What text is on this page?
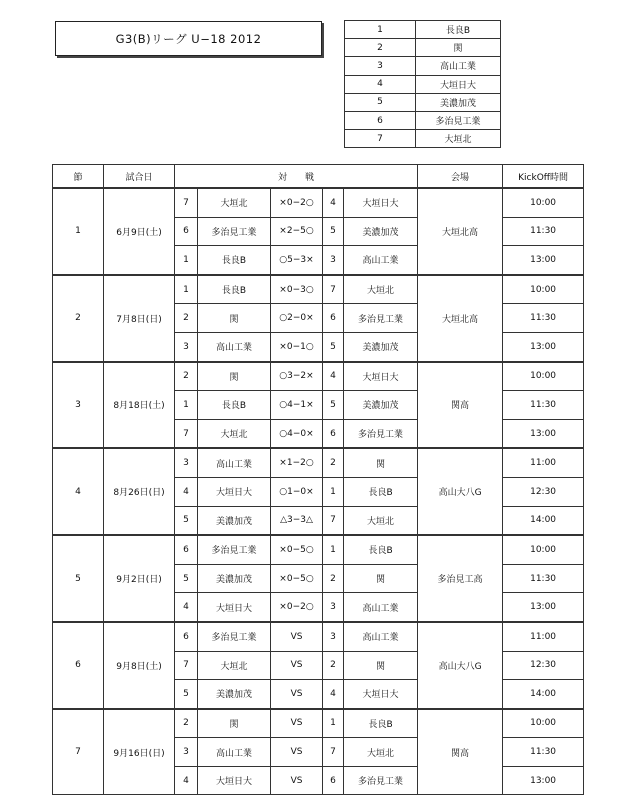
G3(B)リーグ U−18 2012
1	長良B
2	関
3	高山工業
4	大垣日大
5	美濃加茂
6	多治見工業
7	大垣北
節	試合日	対　　戦					会場	KickOff時間
1	6月9日(土)	7	大垣北	×0−2○	4	大垣日大	大垣北高	10:00
		6	多治見工業	×2−5○	5	美濃加茂		11:30
		1	長良B	○5−3×	3	高山工業		13:00
2	7月8日(日)	1	長良B	×0−3○	7	大垣北	大垣北高	10:00
		2	関	○2−0×	6	多治見工業		11:30
		3	高山工業	×0−1○	5	美濃加茂		13:00
3	8月18日(土)	2	関	○3−2×	4	大垣日大	関高	10:00
		1	長良B	○4−1×	5	美濃加茂		11:30
		7	大垣北	○4−0×	6	多治見工業		13:00
4	8月26日(日)	3	高山工業	×1−2○	2	関	高山大八G	11:00
		4	大垣日大	○1−0×	1	長良B		12:30
		5	美濃加茂	△3−3△	7	大垣北		14:00
5	9月2日(日)	6	多治見工業	×0−5○	1	長良B	多治見工高	10:00
		5	美濃加茂	×0−5○	2	関		11:30
		4	大垣日大	×0−2○	3	高山工業		13:00
6	9月8日(土)	6	多治見工業	VS	3	高山工業	高山大八G	11:00
		7	大垣北	VS	2	関		12:30
		5	美濃加茂	VS	4	大垣日大		14:00
7	9月16日(日)	2	関	VS	1	長良B	関高	10:00
		3	高山工業	VS	7	大垣北		11:30
		4	大垣日大	VS	6	多治見工業		13:00
